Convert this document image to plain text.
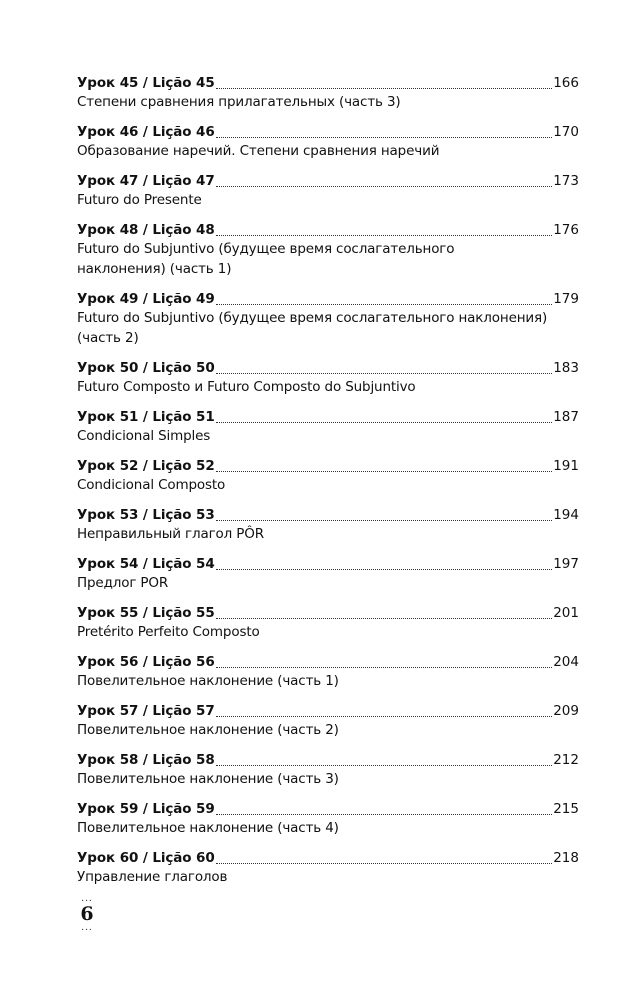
Урок 45 / Lição 45	166
Степени сравнения прилагательных (часть 3)
Урок 46 / Lição 46	170
Образование наречий. Степени сравнения наречий
Урок 47 / Lição 47	173
Futuro do Presente
Урок 48 / Lição 48	176
Futuro do Subjuntivo (будущее время сослагательного наклонения) (часть 1)
Урок 49 / Lição 49	179
Futuro do Subjuntivo (будущее время сослагательного наклонения) (часть 2)
Урок 50 / Lição 50	183
Futuro Composto и Futuro Composto do Subjuntivo
Урок 51 / Lição 51	187
Condicional Simples
Урок 52 / Lição 52	191
Condicional Composto
Урок 53 / Lição 53	194
Неправильный глагол PÔR
Урок 54 / Lição 54	197
Предлог POR
Урок 55 / Lição 55	201
Pretérito Perfeito Composto
Урок 56 / Lição 56	204
Повелительное наклонение (часть 1)
Урок 57 / Lição 57	209
Повелительное наклонение (часть 2)
Урок 58 / Lição 58	212
Повелительное наклонение (часть 3)
Урок 59 / Lição 59	215
Повелительное наклонение (часть 4)
Урок 60 / Lição 60	218
Управление глаголов
...
6
...
